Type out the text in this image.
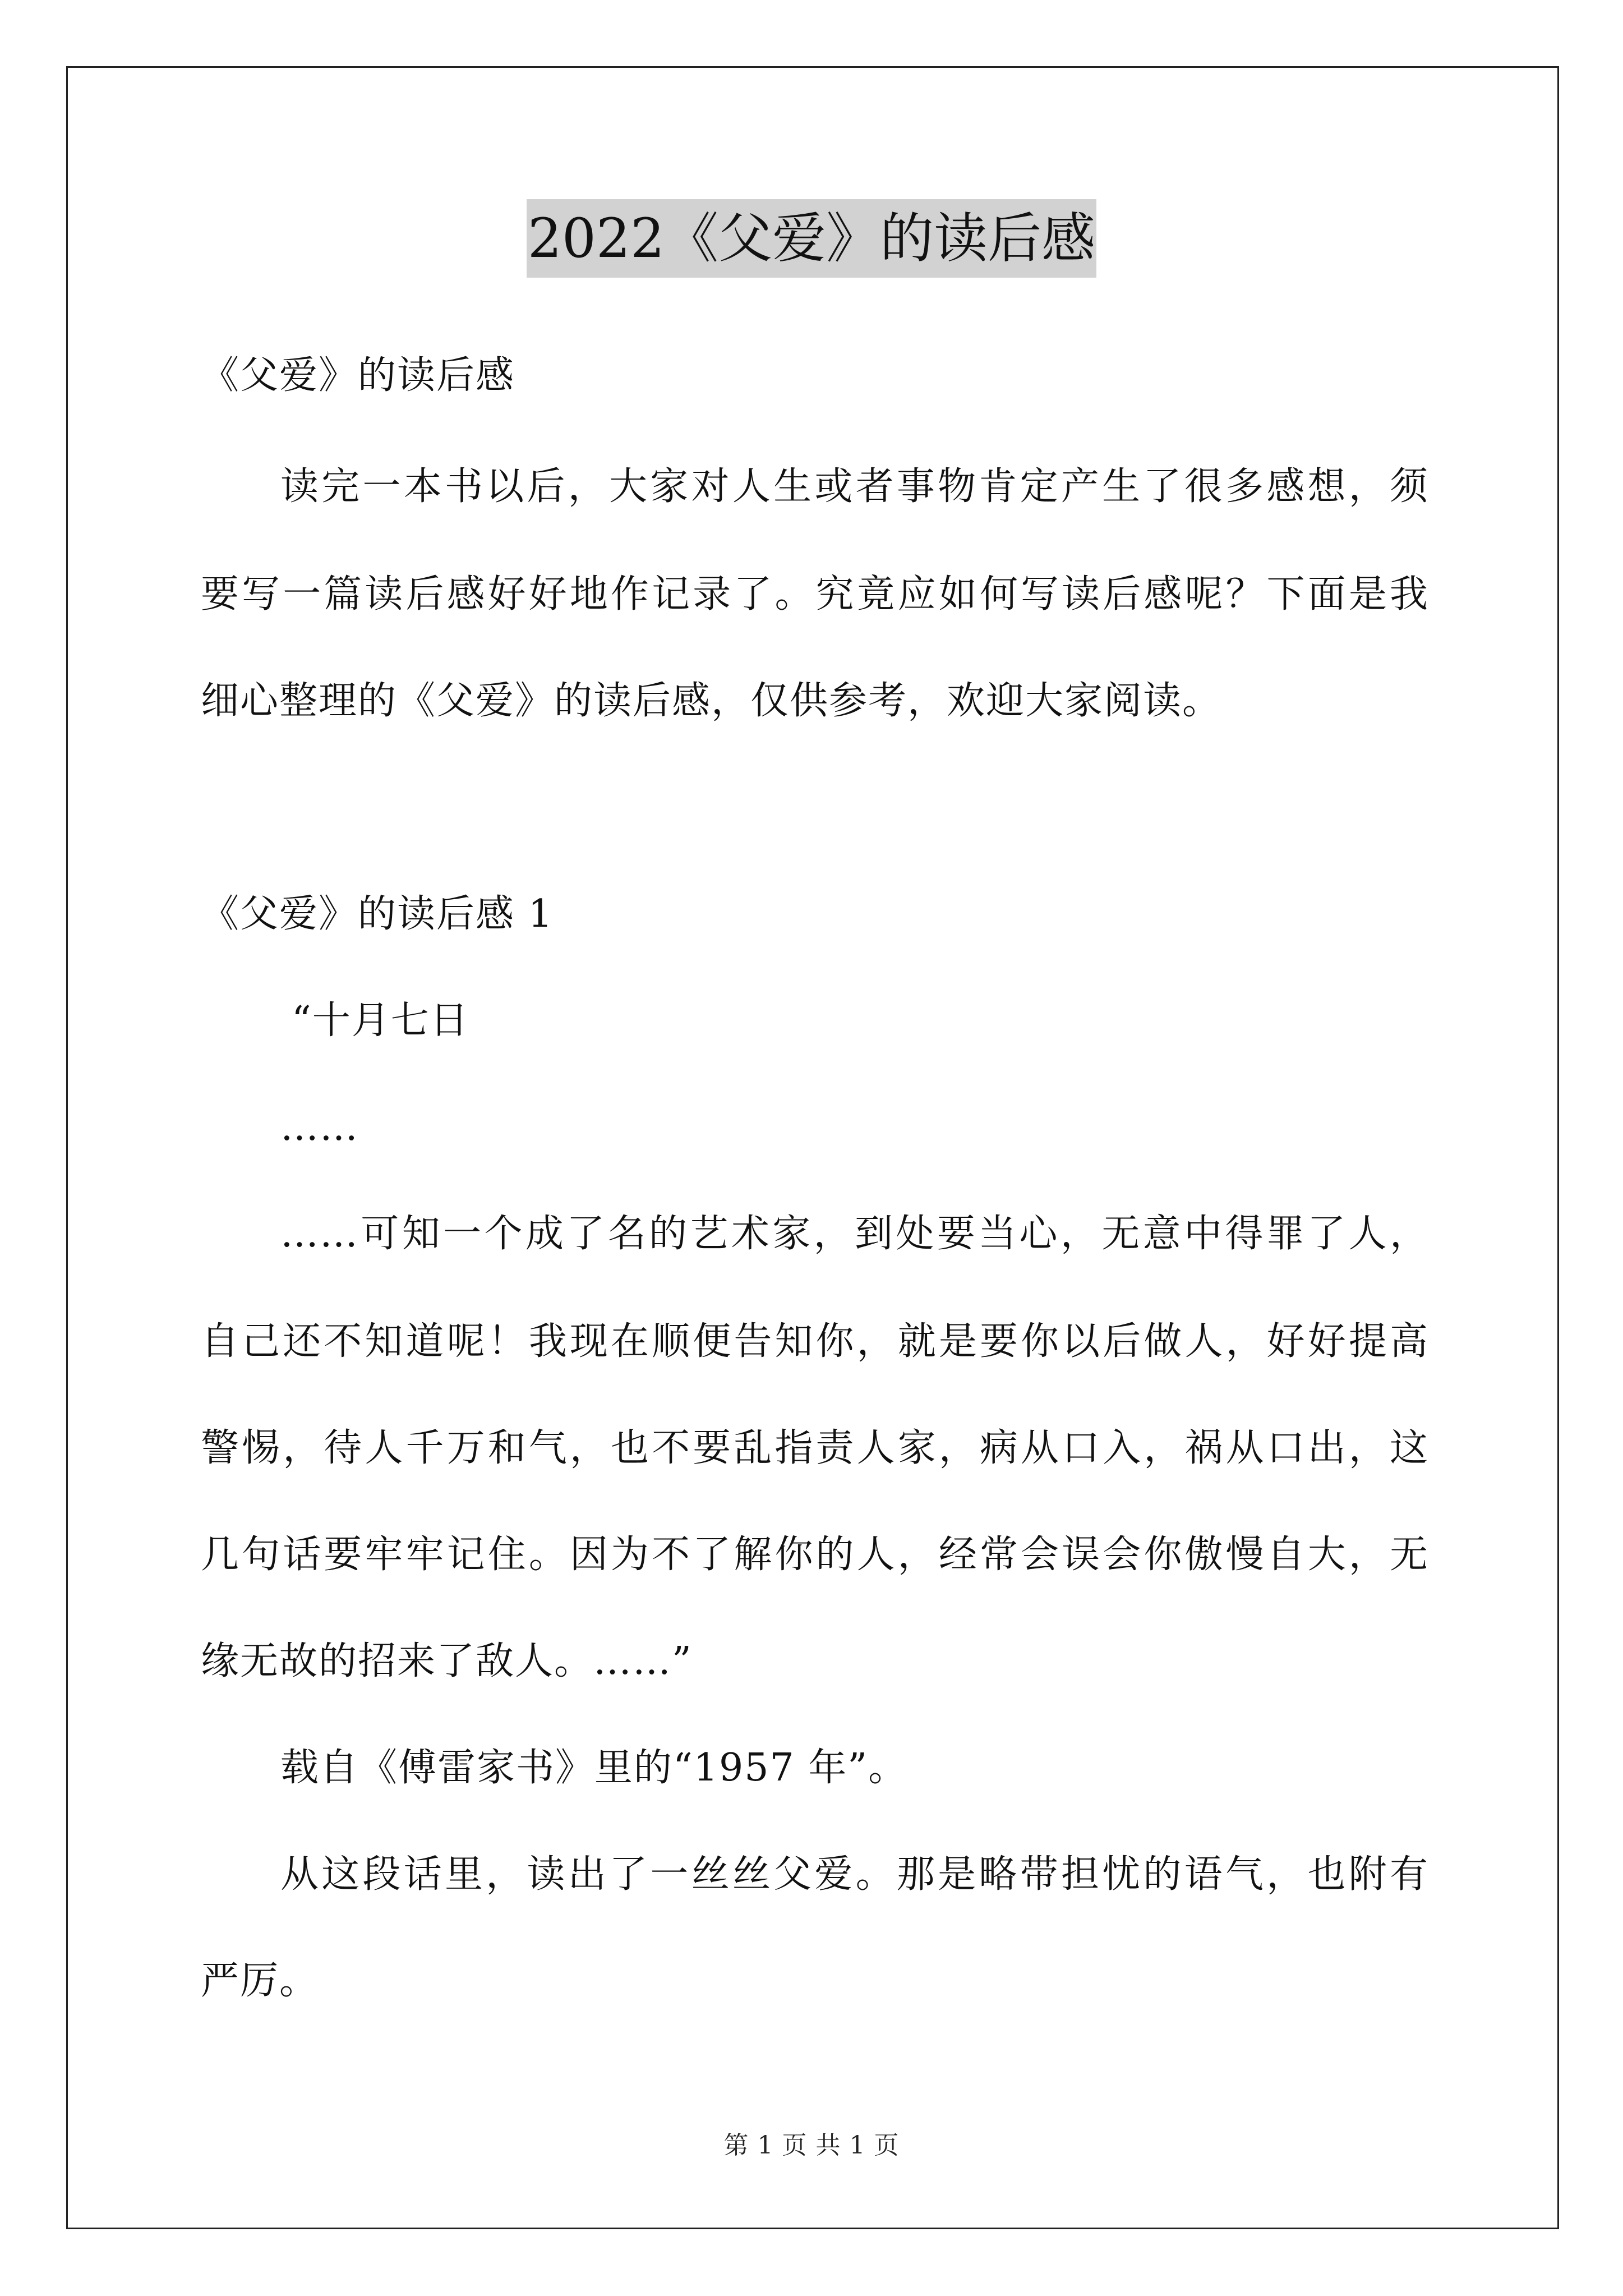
2022《父爱》的读后感
《父爱》的读后感
读完一本书以后，大家对人生或者事物肯定产生了很多感想，须
要写一篇读后感好好地作记录了。究竟应如何写读后感呢？下面是我
细心整理的《父爱》的读后感，仅供参考，欢迎大家阅读。
《父爱》的读后感 1
“十月七日
……
……可知一个成了名的艺术家，到处要当心，无意中得罪了人，
自己还不知道呢！我现在顺便告知你，就是要你以后做人，好好提高
警惕，待人千万和气，也不要乱指责人家，病从口入，祸从口出，这
几句话要牢牢记住。因为不了解你的人，经常会误会你傲慢自大，无
缘无故的招来了敌人。……”
载自《傅雷家书》里的“1957 年”。
从这段话里，读出了一丝丝父爱。那是略带担忧的语气，也附有
严厉。
第 1 页 共 1 页
